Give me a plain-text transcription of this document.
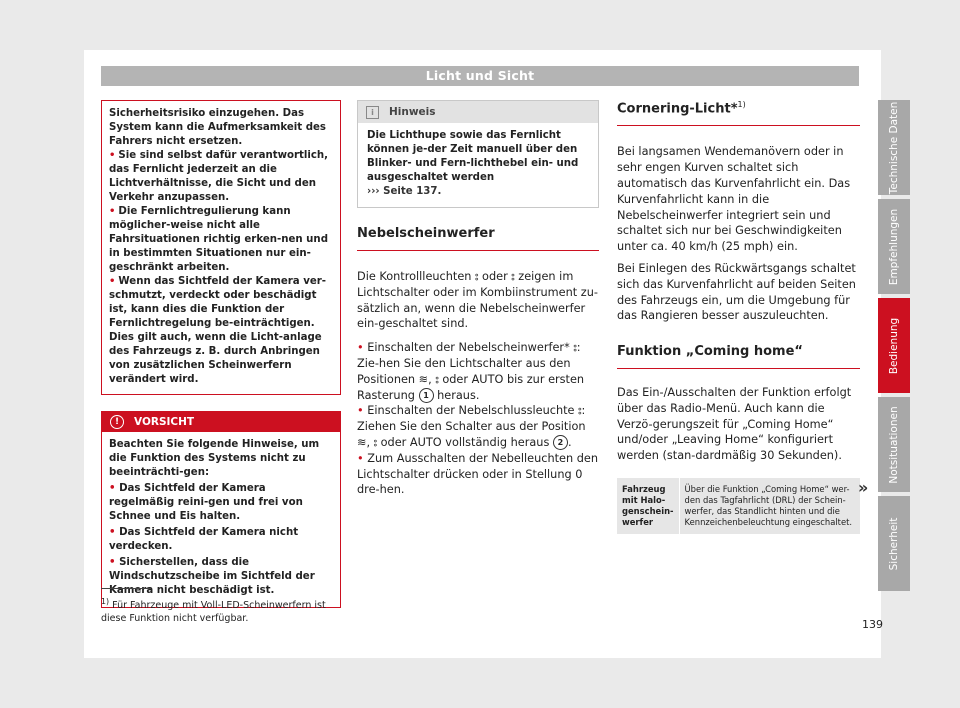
Licht und Sicht

Sicherheitsrisiko einzugehen. Das System kann die Aufmerksamkeit des Fahrers nicht ersetzen.

• Sie sind selbst dafür verantwortlich, das Fernlicht jederzeit an die Lichtverhältnisse, die Sicht und den Verkehr anzupassen.

• Die Fernlichtregulierung kann möglicher-weise nicht alle Fahrsituationen richtig erken-nen und in bestimmten Situationen nur ein-geschränkt arbeiten.

• Wenn das Sichtfeld der Kamera ver-schmutzt, verdeckt oder beschädigt ist, kann dies die Funktion der Fernlichtregelung be-einträchtigen. Dies gilt auch, wenn die Licht-anlage des Fahrzeugs z. B. durch Anbringen von zusätzlichen Scheinwerfern verändert wird.

!	VORSICHT

Beachten Sie folgende Hinweise, um die Funktion des Systems nicht zu beeinträchti-gen:

• Das Sichtfeld der Kamera regelmäßig reini-gen und frei von Schnee und Eis halten.

• Das Sichtfeld der Kamera nicht verdecken.

• Sicherstellen, dass die Windschutzscheibe im Sichtfeld der Kamera nicht beschädigt ist.

i	Hinweis
Die Lichthupe sowie das Fernlicht können je-der Zeit manuell über den Blinker- und Fern-lichthebel ein- und ausgeschaltet werden
››› Seite 137.
Nebelscheinwerfer

Die Kontrollleuchten ⦂ oder ⦂ zeigen im Lichtschalter oder im Kombiinstrument zu-sätzlich an, wenn die Nebelscheinwerfer ein-geschaltet sind.

• Einschalten der Nebelscheinwerfer* ⦂: Zie-hen Sie den Lichtschalter aus den Positionen ≋, ⦂ oder AUTO bis zur ersten Rasterung 1 heraus.

• Einschalten der Nebelschlussleuchte ⦂: Ziehen Sie den Schalter aus der Position ≋, ⦂ oder AUTO vollständig heraus 2 .

• Zum Ausschalten der Nebelleuchten den Lichtschalter drücken oder in Stellung 0 dre-hen.

Cornering-Licht*$^{1)}$

Bei langsamen Wendemanövern oder in sehr engen Kurven schaltet sich automatisch das Kurvenfahrlicht ein. Das Kurvenfahrlicht kann in die Nebelscheinwerfer integriert sein und schaltet sich nur bei Geschwindigkeiten unter ca. 40 km/h (25 mph) ein.

Bei Einlegen des Rückwärtsgangs schaltet sich das Kurvenfahrlicht auf beiden Seiten des Fahrzeugs ein, um die Umgebung für das Rangieren besser auszuleuchten.

Funktion „Coming home“

Das Ein-/Ausschalten der Funktion erfolgt über das Radio-Menü. Auch kann die Verzö-gerungszeit für „Coming Home“ und/oder „Leaving Home“ konfiguriert werden (stan-dardmäßig 30 Sekunden).

Fahrzeug mit Halo-genschein-werfer	Über die Funktion „Coming Home“ wer-den das Tagfahrlicht (DRL) der Schein-werfer, das Standlicht hinten und die Kennzeichenbeleuchtung eingeschaltet.
»
Technische Daten
Empfehlungen
Bedienung
Notsituationen
Sicherheit
$^{1)}$ Für Fahrzeuge mit Voll-LED-Scheinwerfern ist diese Funktion nicht verfügbar.	139
